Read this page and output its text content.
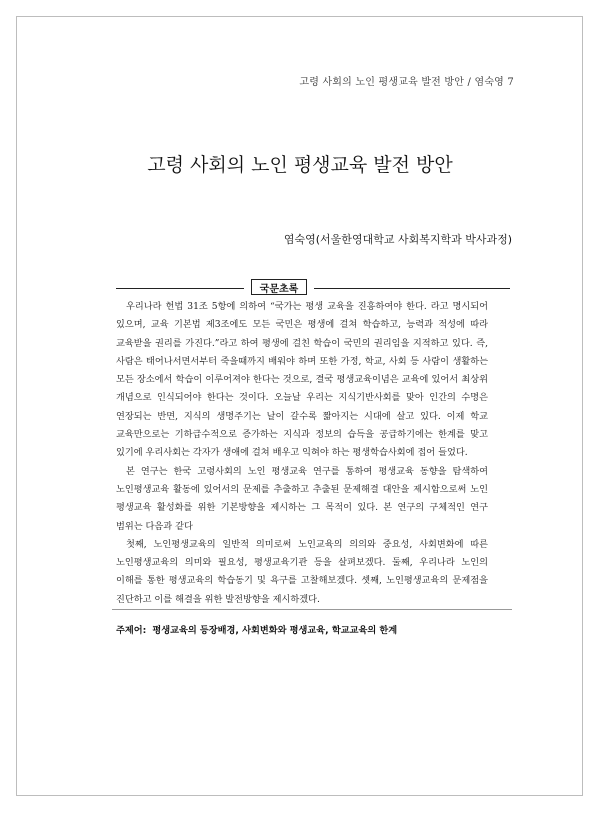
고령 사회의 노인 평생교육 발전 방안 / 염숙영 7
고령 사회의 노인 평생교육 발전 방안
염숙영(서울한영대학교 사회복지학과 박사과정)
국문초록

우리나라 헌법 31조 5항에 의하여 “국가는 평생 교육을 진흥하여야 한다. 라고 명시되어 있으며, 교육 기본법 제3조에도 모든 국민은 평생에 걸쳐 학습하고, 능력과 적성에 따라 교육받을 권리를 가진다.”라고 하여 평생에 걸친 학습이 국민의 권리임을 지적하고 있다. 즉, 사람은 태어나서면서부터 죽을때까지 배워야 하며 또한 가정, 학교, 사회 등 사람이 생활하는 모든 장소에서 학습이 이루어져야 한다는 것으로, 결국 평생교육이념은 교육에 있어서 최상위 개념으로 인식되어야 한다는 것이다. 오늘날 우리는 지식기반사회를 맞아 인간의 수명은 연장되는 반면, 지식의 생명주기는 날이 갈수록 짧아지는 시대에 살고 있다. 이제 학교 교육만으로는 기하급수적으로 증가하는 지식과 정보의 습득을 공급하기에는 한계를 맞고 있기에 우리사회는 각자가 생애에 걸쳐 배우고 익혀야 하는 평생학습사회에 접어 들었다.

본 연구는 한국 고령사회의 노인 평생교육 연구를 통하여 평생교육 동향을 탐색하여 노인평생교육 활동에 있어서의 문제를 추출하고 추출된 문제해결 대안을 제시함으로써 노인 평생교육 활성화를 위한 기본방향을 제시하는 그 목적이 있다. 본 연구의 구체적인 연구 범위는 다음과 같다

첫째, 노인평생교육의 일반적 의미로써 노인교육의 의의와 중요성, 사회변화에 따른 노인평생교육의 의미와 필요성, 평생교육기관 등을 살펴보겠다. 둘째, 우리나라 노인의 이해를 통한 평생교육의 학습동기 및 욕구를 고찰해보겠다. 셋째, 노인평생교육의 문제점을 진단하고 이를 해결을 위한 발전방향을 제시하겠다.

주제어: 평생교육의 등장배경, 사회변화와 평생교육, 학교교육의 한계
